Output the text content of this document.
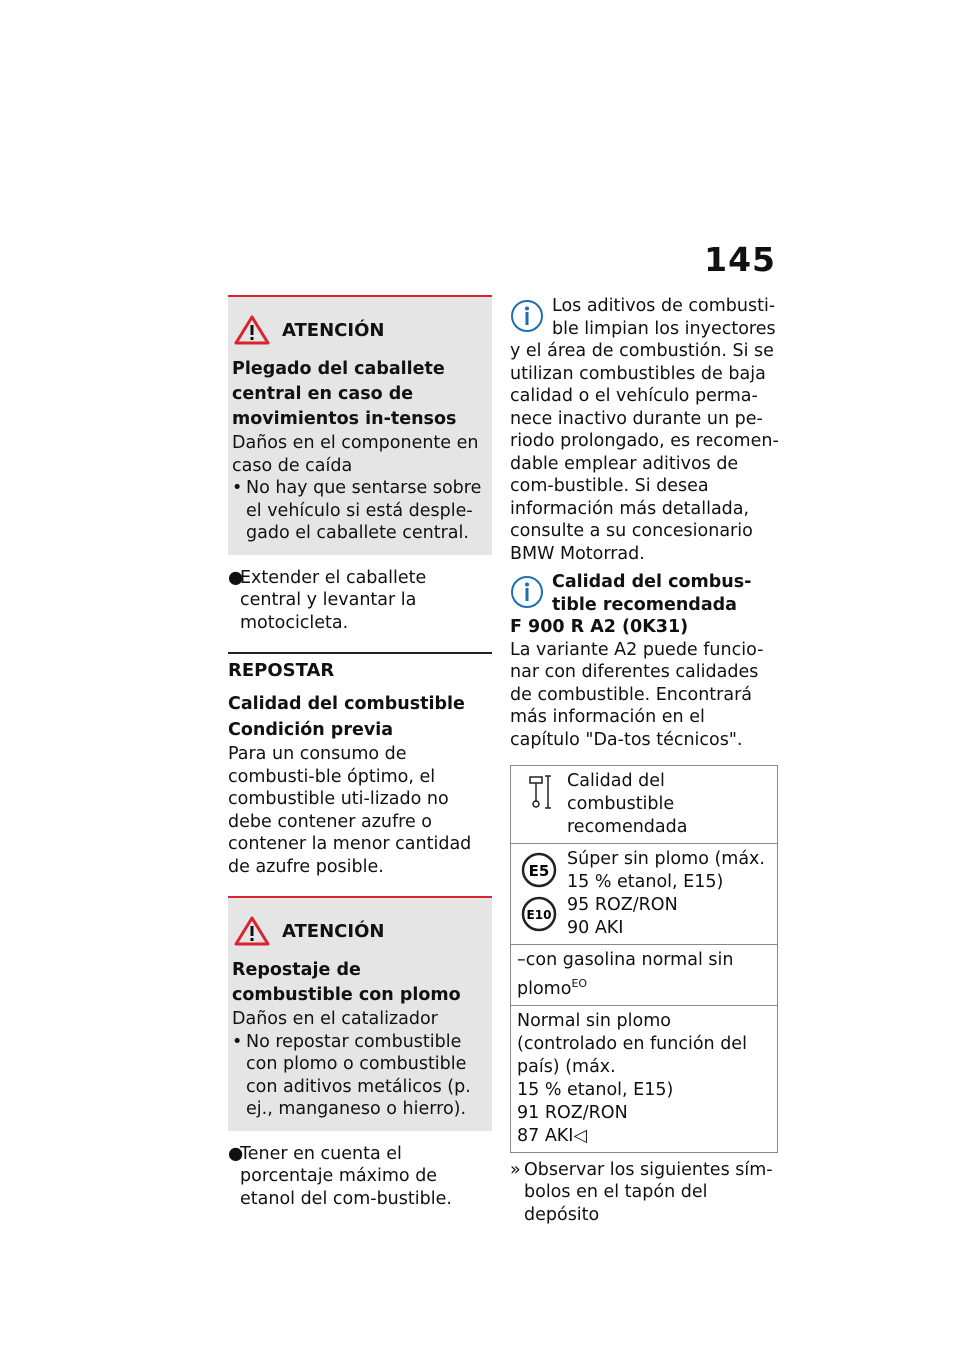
145
ATENCIÓN
Plegado del caballete central en caso de movimientos in-tensos
Daños en el componente en caso de caída
• No hay que sentarse sobre el vehículo si está desple-gado el caballete central.
●
Extender el caballete central y levantar la motocicleta.
REPOSTAR
Calidad del combustible
Condición previa
Para un consumo de combusti-ble óptimo, el combustible uti-lizado no debe contener azufre o contener la menor cantidad de azufre posible.
ATENCIÓN
Repostaje de combustible con plomo
Daños en el catalizador
• No repostar combustible con plomo o combustible con aditivos metálicos (p. ej., manganeso o hierro).
●
Tener en cuenta el porcentaje máximo de etanol del com-bustible.
Los aditivos de combusti-ble limpian los inyectores y el área de combustión. Si se utilizan combustibles de baja calidad o el vehículo perma-nece inactivo durante un pe-riodo prolongado, es recomen-dable emplear aditivos de com-bustible. Si desea información más detallada, consulte a su concesionario BMW Motorrad.
Calidad del combus-tible recomendada
F 900 R A2 (0K31)
La variante A2 puede funcio-nar con diferentes calidades de combustible. Encontrará más información en el capítulo "Da-tos técnicos".
Calidad del combustible recomendada

E5
E10
Súper sin plomo (máx.
15 % etanol, E15)
95 ROZ/RON
90 AKI

–con gasolina normal sin plomo$^{EO}$

Normal sin plomo (controlado en función del país) (máx.
15 % etanol, E15)
91 ROZ/RON
87 AKI◁
» Observar los siguientes sím-bolos en el tapón del depósito
